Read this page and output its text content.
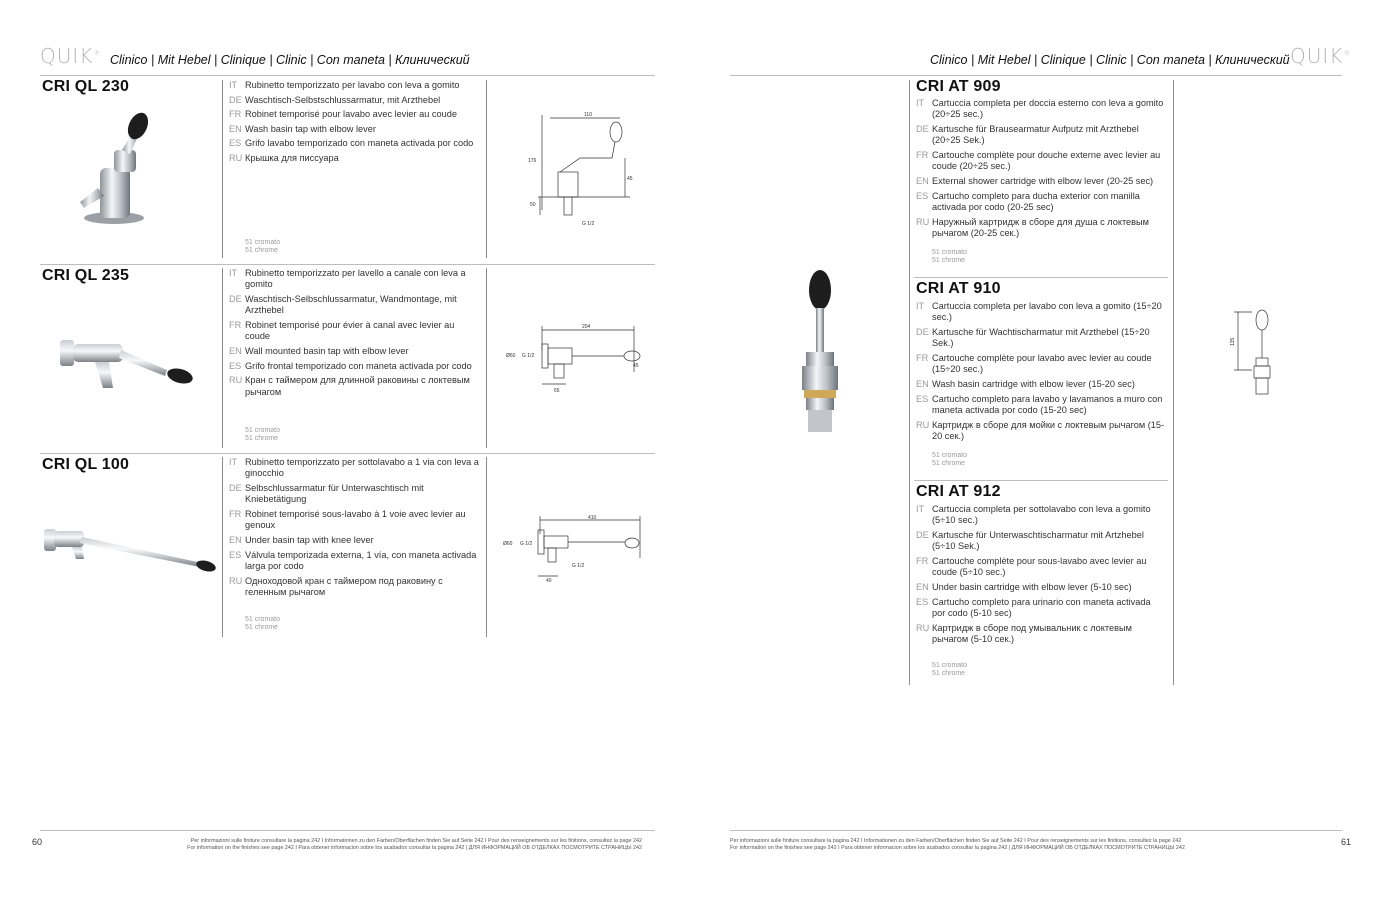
QUIK® Clinico | Mit Hebel | Clinique | Clinic | Con maneta | Клинический	Clinico | Mit Hebel | Clinique | Clinic | Con maneta | Клинический QUIK®
CRI QL 230	IT Rubinetto temporizzato per lavabo con leva a gomito
DE Waschtisch-Selbstschlussarmatur, mit Arzthebel
FR Robinet temporisé pour lavabo avec levier au coude
EN Wash basin tap with elbow lever
ES Grifo lavabo temporizado con maneta activada por codo
RU Крышка для писсуара
51 cromato
51 chrome
110
176
45
50
G 1/2
CRI QL 235	IT Rubinetto temporizzato per lavello a canale con leva a gomito
DE Waschtisch-Selbschlussarmatur, Wandmontage, mit Arzthebel
FR Robinet temporisé pour évier à canal avec levier au coude
EN Wall mounted basin tap with elbow lever
ES Grifo frontal temporizado con maneta activada por codo
RU Кран с таймером для длинной раковины с локтевым рычагом
51 cromato
51 chrome
204
Ø60 G 1/2
45
65
CRI QL 100	IT Rubinetto temporizzato per sottolavabo a 1 via con leva a ginocchio
DE Selbschlussarmatur für Unterwaschtisch mit Kniebetätigung
FR Robinet temporisé sous-lavabo à 1 voie avec levier au genoux
EN Under basin tap with knee lever
ES Válvula temporizada externa, 1 vía, con maneta activada larga por codo
RU Одноходовой кран с таймером под раковину с геленным рычагом
51 cromato
51 chrome
410
Ø60 G 1/2
G 1/2
40
CRI AT 909
IT Cartuccia completa per doccia esterno con leva a gomito (20÷25 sec.)
DE Kartusche für Brausearmatur Aufputz mit Arzthebel (20÷25 Sek.)
FR Cartouche complète pour douche externe avec levier au coude (20÷25 sec.)
EN External shower cartridge with elbow lever (20-25 sec)
ES Cartucho completo para ducha exterior con manilla activada por codo (20-25 sec)
RU Наружный картридж в сборе для душа с локтевым рычагом (20-25 сек.)
51 cromato
51 chrome
CRI AT 910
IT Cartuccia completa per lavabo con leva a gomito (15÷20 sec.)
DE Kartusche für Wachtischarmatur mit Arzthebel (15÷20 Sek.)
FR Cartouche complète pour lavabo avec levier au coude (15÷20 sec.)
EN Wash basin cartridge with elbow lever (15-20 sec)
ES Cartucho completo para lavabo y lavamanos a muro con maneta activada por codo (15-20 sec)
RU Картридж в сборе для мойки с локтевым рычагом (15-20 сек.)
51 cromato
51 chrome
CRI AT 912
IT Cartuccia completa per sottolavabo con leva a gomito (5÷10 sec.)
DE Kartusche für Unterwaschtischarmatur mit Artzhebel (5÷10 Sek.)
FR Cartouche complète pour sous-lavabo avec levier au coude (5÷10 sec.)
EN Under basin cartridge with elbow lever (5-10 sec)
ES Cartucho completo para urinario con maneta activada por codo (5-10 sec)
RU Картридж в сборе под умывальник с локтевым рычагом (5-10 сек.)
51 cromato
51 chrome
135
60	Per informazioni sulle finiture consultare la pagina 242 I Informationen zu den Farben/Oberflächen finden Sie auf Seite 242 I Pour des renseignements sur les finitions, consultez la page 242
For information on the finishes see page 242 I Para obtener informacion sobre los acabados consultar la pagina 242 | ДЛЯ ИНФОРМАЦИЙ ОБ ОТДЕЛКАХ ПОСМОТРИТЕ СТРАНИЦЫ 242
Per informazioni sulle finiture consultare la pagina 242 I Informationen zu den Farben/Oberflächen finden Sie auf Seite 242 I Pour des renseignements sur les finitions, consultez la page 242
For information on the finishes see page 242 I Para obtener informacion sobre los acabados consultar la pagina 242 | ДЛЯ ИНФОРМАЦИЙ ОБ ОТДЕЛКАХ ПОСМОТРИТЕ СТРАНИЦЫ 242
61
